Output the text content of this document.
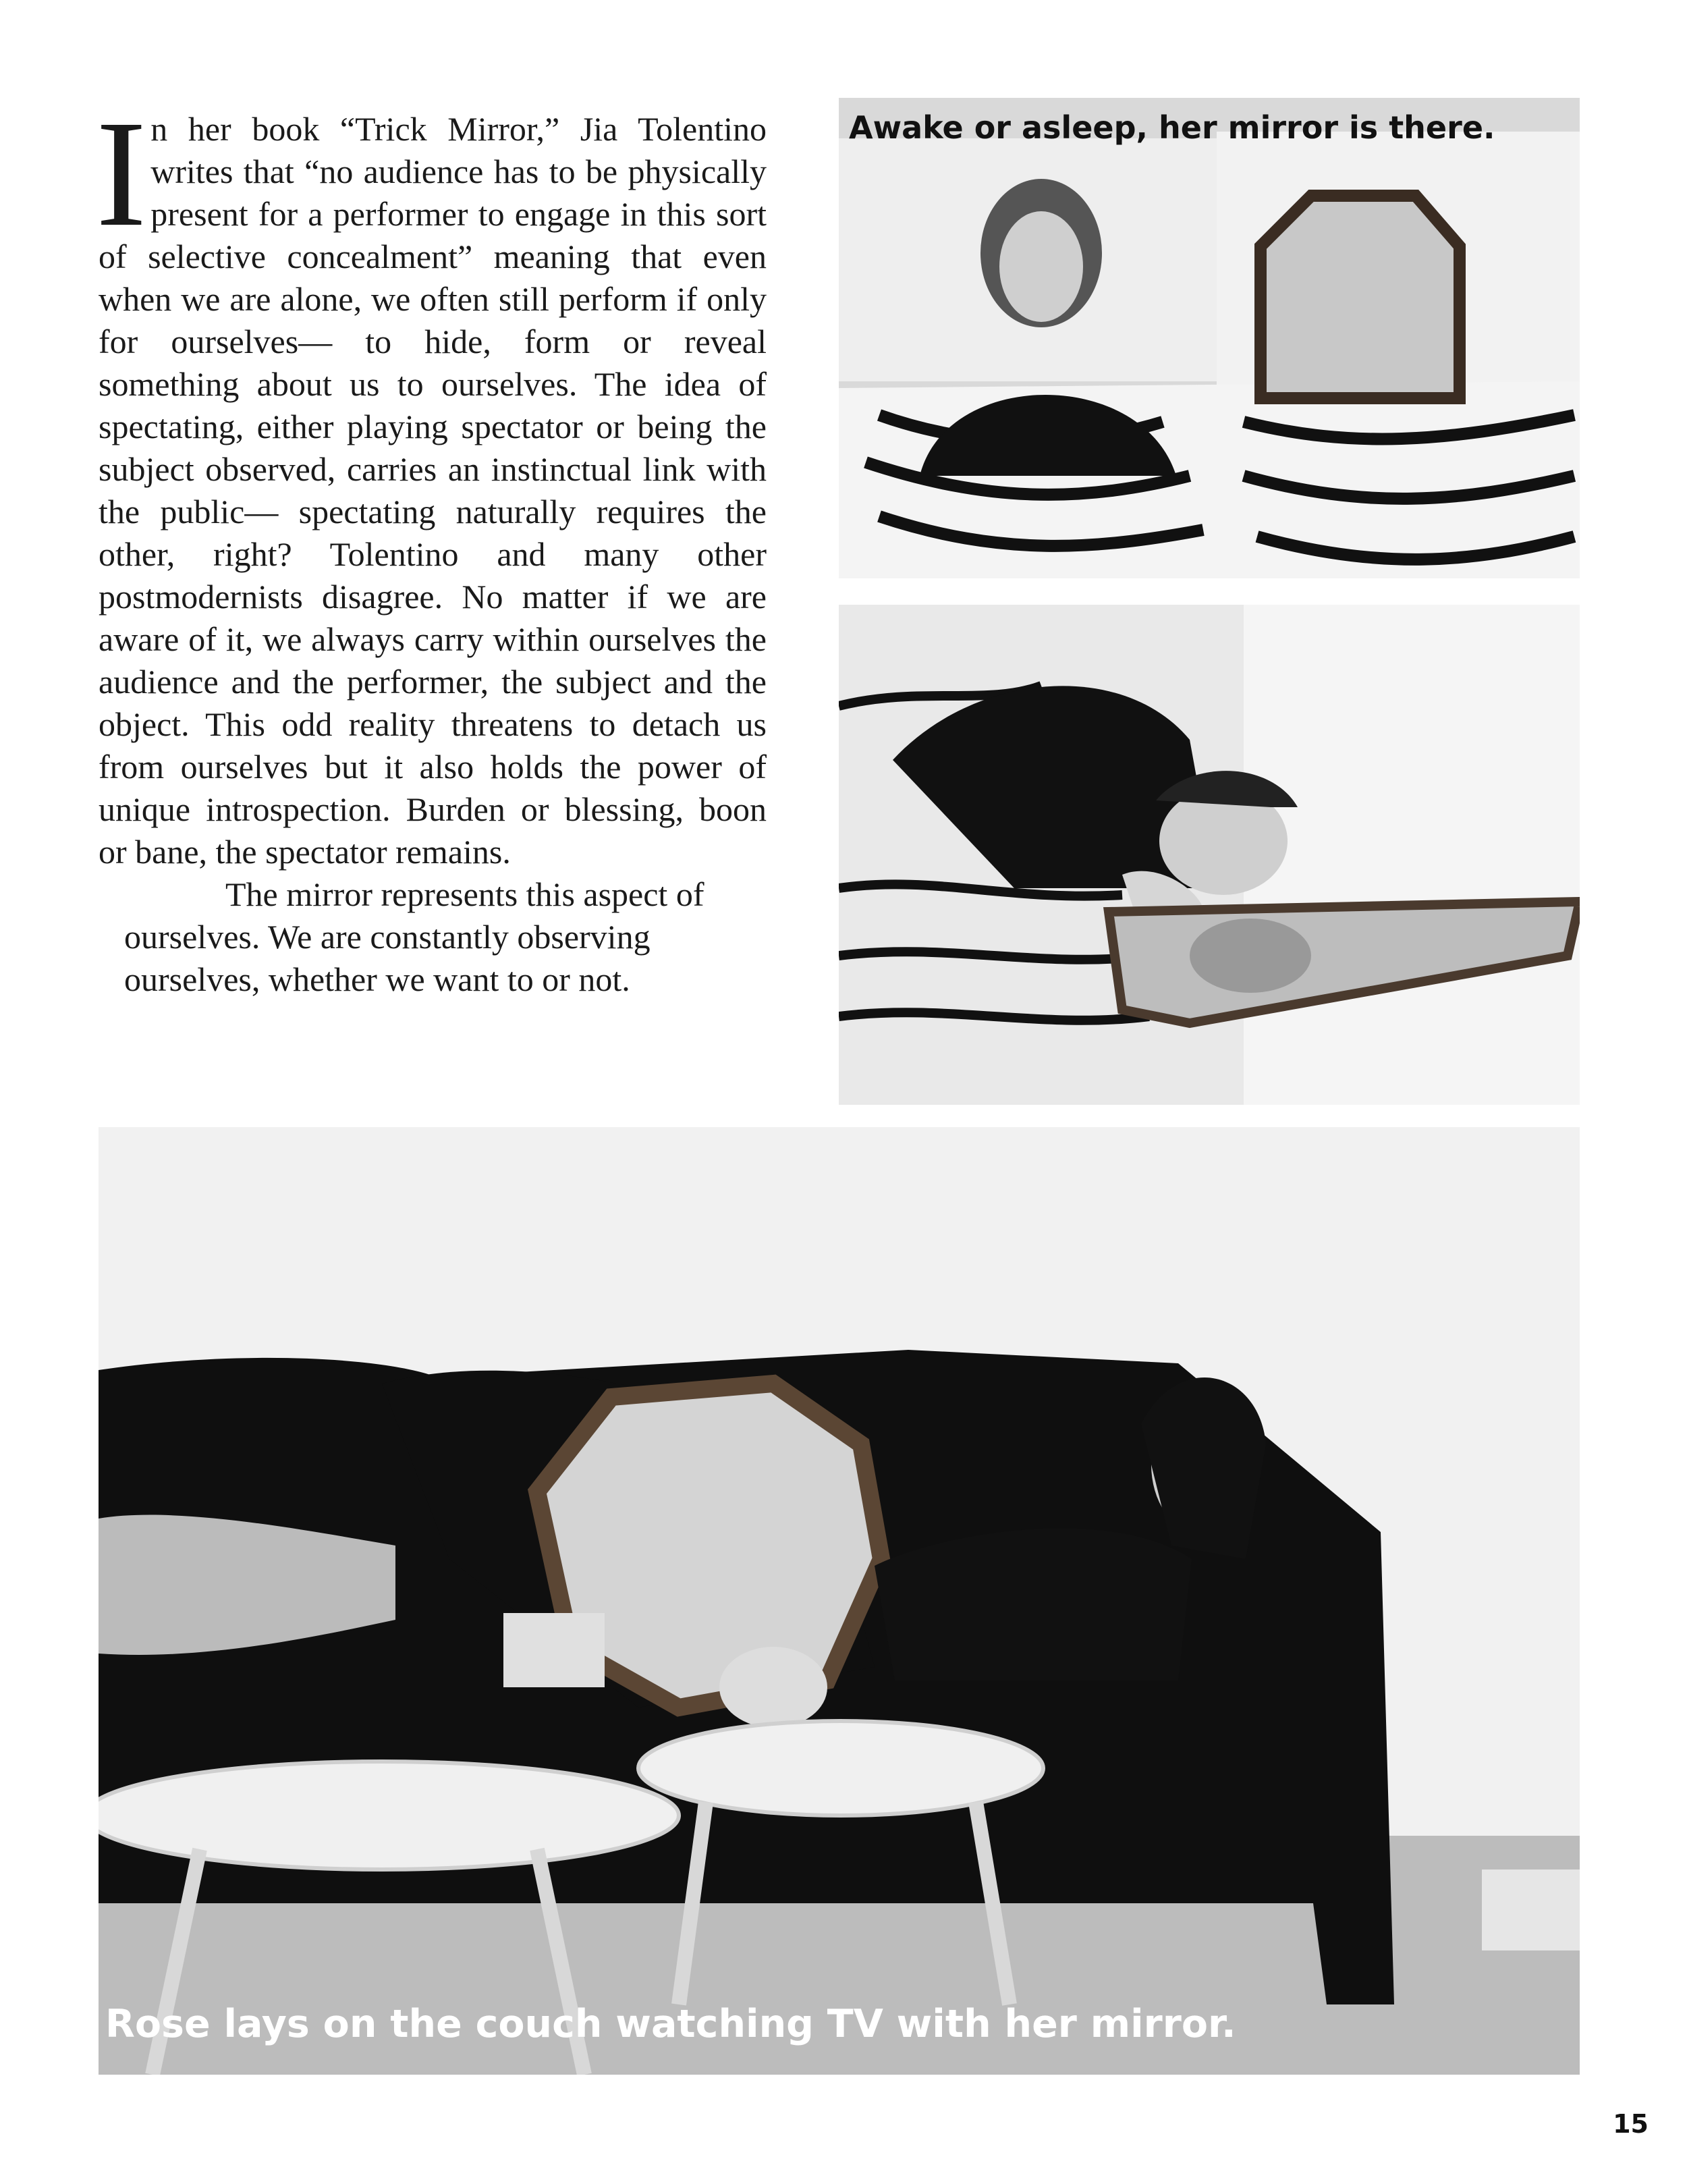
In her book “Trick Mirror,” Jia Tolentino writes that “no audience has to be physically present for a performer to engage in this sort of selective concealment” meaning that even when we are alone, we often still perform if only for ourselves— to hide, form or reveal something about us to ourselves. The idea of spectating, either playing spectator or being the subject observed, carries an instinctual link with the public— spectating naturally requires the other, right? Tolentino and many other postmodernists disagree. No matter if we are aware of it, we always carry within ourselves the audience and the performer, the subject and the object. This odd reality threatens to detach us from ourselves but it also holds the power of unique introspection. Burden or blessing, boon or bane, the spectator remains.

The mirror represents this aspect of ourselves. We are constantly observing ourselves, whether we want to or not.

Awake or asleep, her mirror is there.

Rose lays on the couch watching TV with her mirror.

15
